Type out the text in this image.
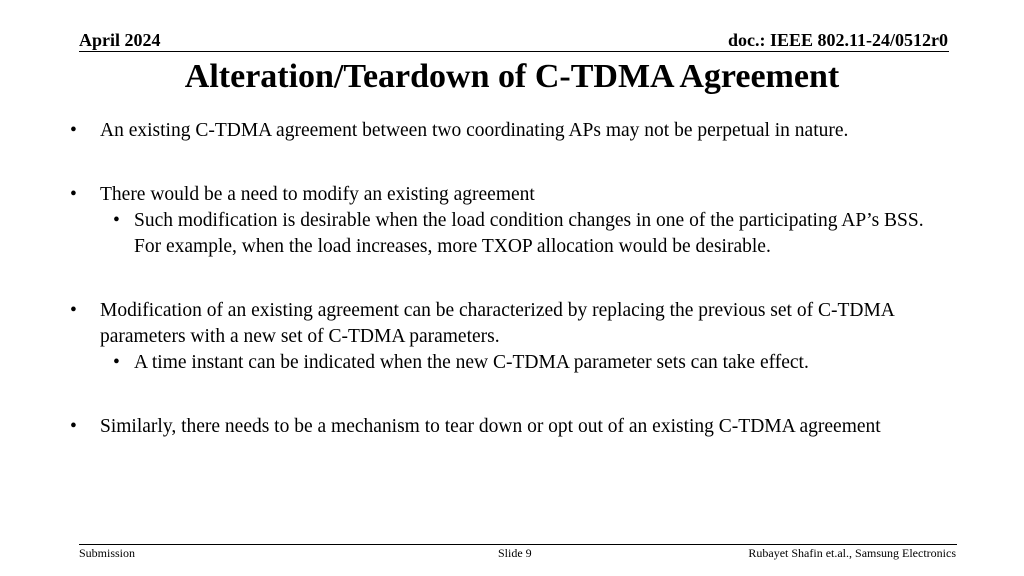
April 2024	doc.: IEEE 802.11-24/0512r0
Alteration/Teardown of C-TDMA Agreement
• An existing C-TDMA agreement between two coordinating APs may not be perpetual in nature.
• There would be a need to modify an existing agreement
• Such modification is desirable when the load condition changes in one of the participating AP’s BSS. For example, when the load increases, more TXOP allocation would be desirable.
• Modification of an existing agreement can be characterized by replacing the previous set of C-TDMA parameters with a new set of C-TDMA parameters.
• A time instant can be indicated when the new C-TDMA parameter sets can take effect.
• Similarly, there needs to be a mechanism to tear down or opt out of an existing C-TDMA agreement
Submission	Slide 9	Rubayet Shafin et.al., Samsung Electronics
